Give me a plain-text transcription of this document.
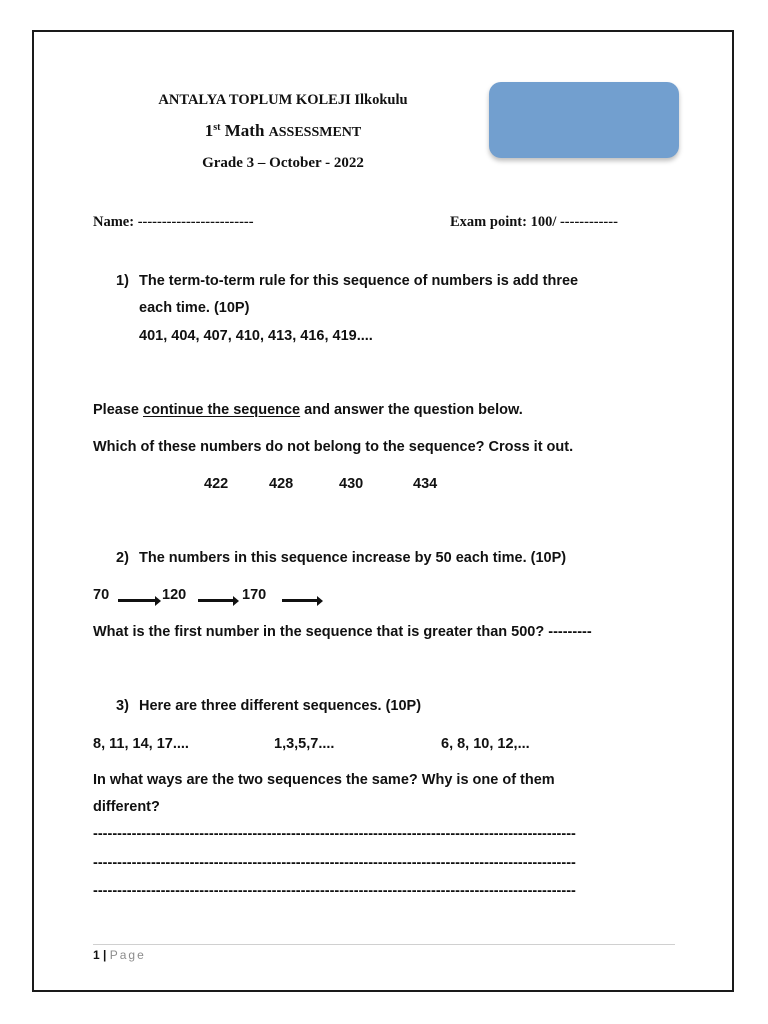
ANTALYA TOPLUM KOLEJI Ilkokulu
1st Math ASSESSMENT
Grade 3 – October - 2022
Name: ------------------------	Exam point: 100/ ------------
1) The term-to-term rule for this sequence of numbers is add three
each time. (10P)
401, 404, 407, 410, 413, 416, 419....
Please continue the sequence and answer the question below.
Which of these numbers do not belong to the sequence? Cross it out.
422	428	430	434
2) The numbers in this sequence increase by 50 each time. (10P)
70	120	170
What is the first number in the sequence that is greater than 500? ---------
3) Here are three different sequences. (10P)
8, 11, 14, 17....	1,3,5,7....	6, 8, 10, 12,...
In what ways are the two sequences the same? Why is one of them
different?
----------------------------------------------------------------------------------------------------
----------------------------------------------------------------------------------------------------
----------------------------------------------------------------------------------------------------
1 | Page
